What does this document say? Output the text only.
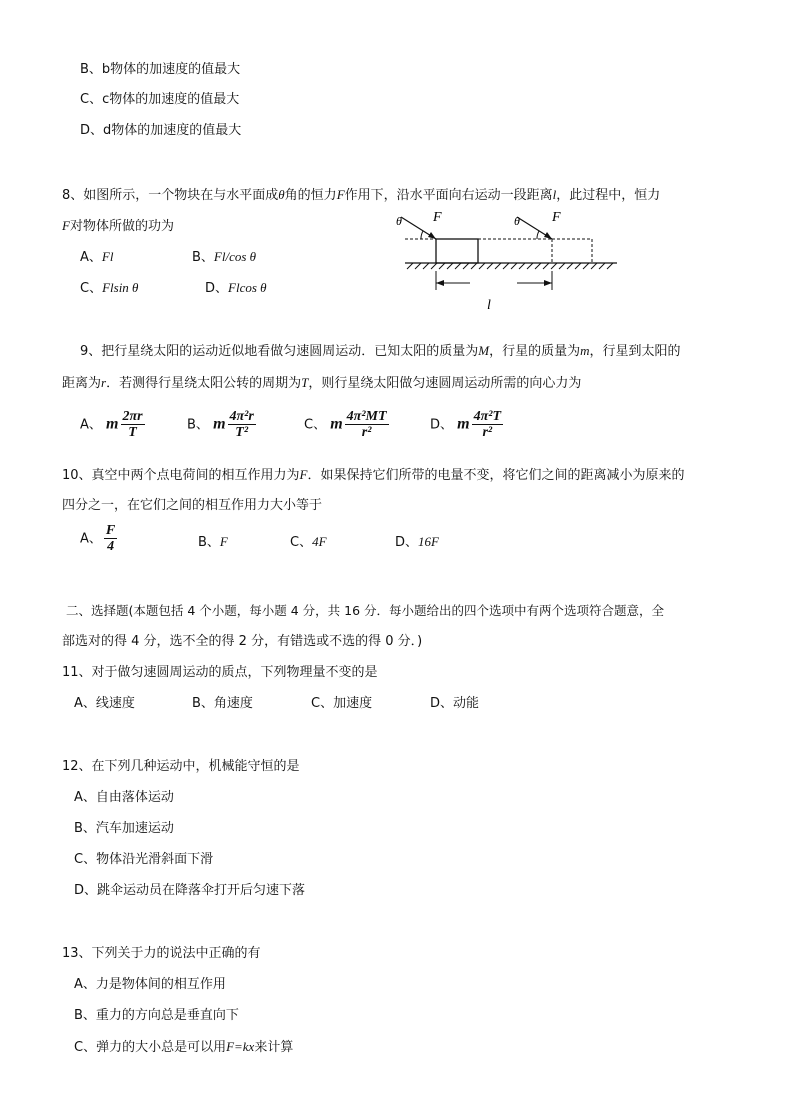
B、b物体的加速度的值最大
C、c物体的加速度的值最大
D、d物体的加速度的值最大
8、如图所示，一个物块在与水平面成θ角的恒力F作用下，沿水平面向右运动一段距离l，此过程中，恒力
F对物体所做的功为
A、Fl	B、Fl/cos θ
C、Flsin θ	D、Flcos θ
θ F	θ F
l
9、把行星绕太阳的运动近似地看做匀速圆周运动．已知太阳的质量为M，行星的质量为m，行星到太阳的
距离为r．若测得行星绕太阳公转的周期为T，则行星绕太阳做匀速圆周运动所需的向心力为
A、 m $\frac{2\pi r}{T}$	B、 m $\frac{\text{4π²r}}{\text{T²}}$	C、 m $\frac{\text{4π²MT}}{\text{r²}}$	D、 m $\frac{\text{4π²T}}{\text{r²}}$
10、真空中两个点电荷间的相互作用力为F．如果保持它们所带的电量不变，将它们之间的距离减小为原来的
四分之一，在它们之间的相互作用力大小等于
A、 $\frac{F}{4}$	B、F	C、4F	D、16F
二、选择题(本题包括 4 个小题，每小题 4 分，共 16 分．每小题给出的四个选项中有两个选项符合题意，全
部选对的得 4 分，选不全的得 2 分，有错选或不选的得 0 分．)
11、对于做匀速圆周运动的质点，下列物理量不变的是
A、线速度	B、角速度	C、加速度	D、动能
12、在下列几种运动中，机械能守恒的是
A、自由落体运动
B、汽车加速运动
C、物体沿光滑斜面下滑
D、跳伞运动员在降落伞打开后匀速下落
13、下列关于力的说法中正确的有
A、力是物体间的相互作用
B、重力的方向总是垂直向下
C、弹力的大小总是可以用F=kx来计算
